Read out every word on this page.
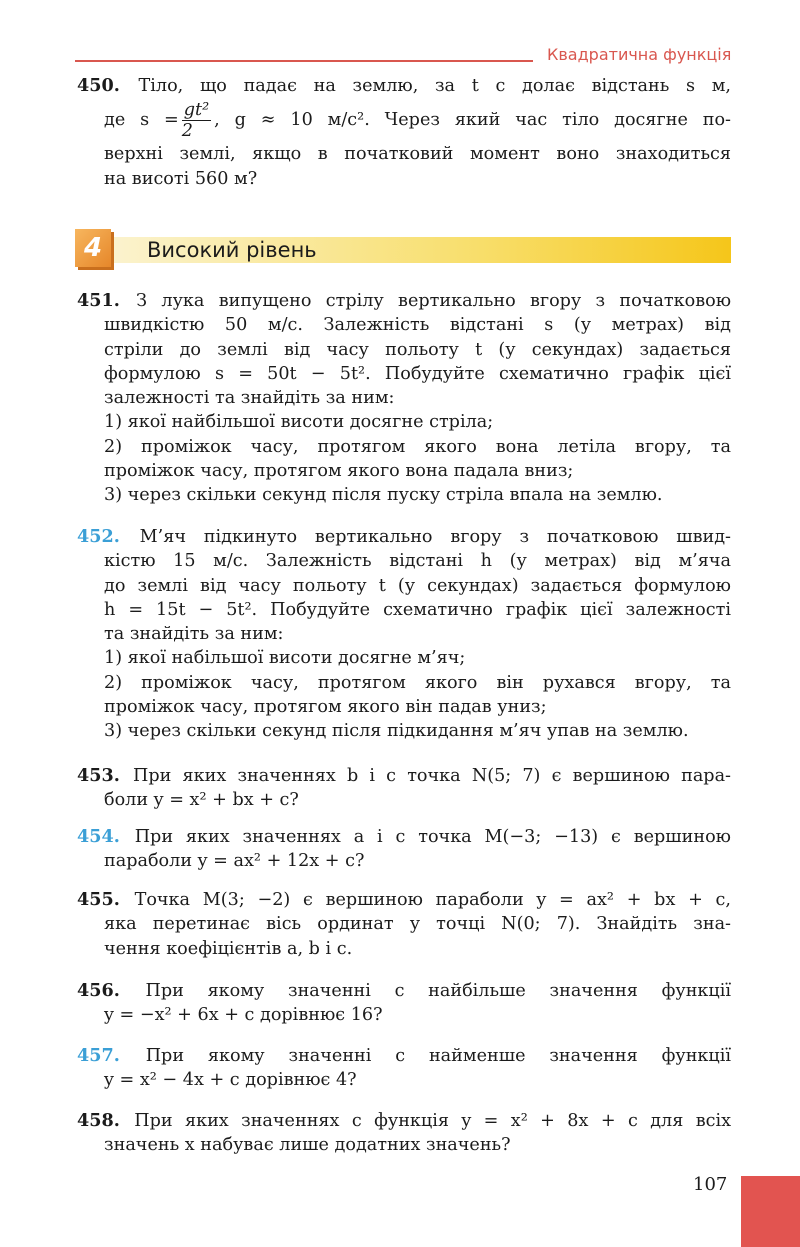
Квадратична функція
450. Тіло, що падає на землю, за t с долає відстань s м,
де $s = \frac{\text{gt²}}{2}$ , g ≈ 10 м/с². Через який час тіло досягне по-
верхні землі, якщо в початковий момент воно знаходиться
на висоті 560 м?
4	Високий рівень
451. З лука випущено стрілу вертикально вгору з початковою
швидкістю 50 м/с. Залежність відстані s (у метрах) від
стріли до землі від часу польоту t (у секундах) задається
формулою s = 50t − 5t². Побудуйте схематично графік цієї
залежності та знайдіть за ним:
1) якої найбільшої висоти досягне стріла;
2) проміжок часу, протягом якого вона летіла вгору, та
проміжок часу, протягом якого вона падала вниз;
3) через скільки секунд після пуску стріла впала на землю.
452. М’яч підкинуто вертикально вгору з початковою швид-
кістю 15 м/с. Залежність відстані h (у метрах) від м’яча
до землі від часу польоту t (у секундах) задається формулою
h = 15t − 5t². Побудуйте схематично графік цієї залежності
та знайдіть за ним:
1) якої набільшої висоти досягне м’яч;
2) проміжок часу, протягом якого він рухався вгору, та
проміжок часу, протягом якого він падав униз;
3) через скільки секунд після підкидання м’яч упав на землю.
453. При яких значеннях b і c точка N(5; 7) є вершиною пара-
боли y = x² + bx + c?
454. При яких значеннях a і c точка M(−3; −13) є вершиною
параболи y = ax² + 12x + c?
455. Точка M(3; −2) є вершиною параболи y = ax² + bx + c,
яка перетинає вісь ординат у точці N(0; 7). Знайдіть зна-
чення коефіцієнтів a, b і c.
456. При якому значенні c найбільше значення функції
y = −x² + 6x + c дорівнює 16?
457. При якому значенні c найменше значення функції
y = x² − 4x + c дорівнює 4?
458. При яких значеннях c функція y = x² + 8x + c для всіх
значень x набуває лише додатних значень?
107
